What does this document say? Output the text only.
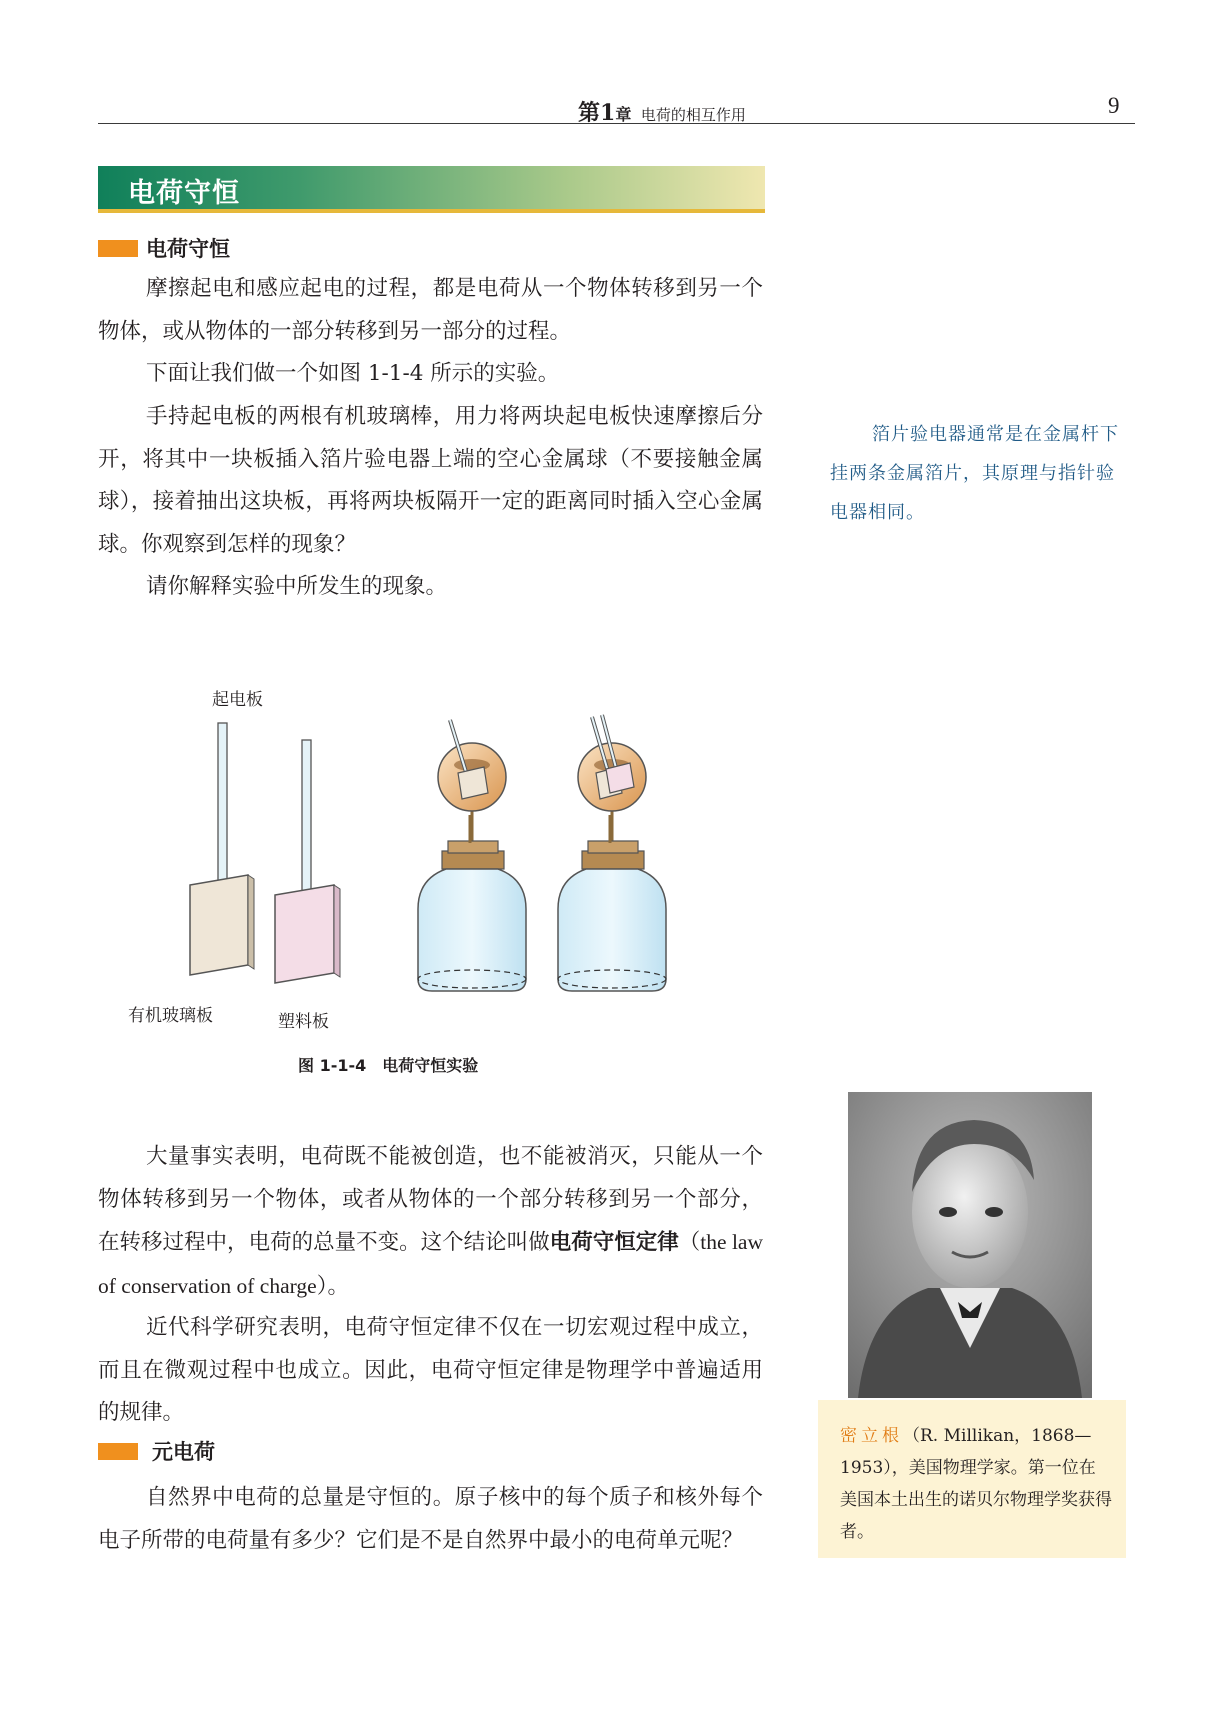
第1章 电荷的相互作用	9
电荷守恒
电荷守恒

摩擦起电和感应起电的过程，都是电荷从一个物体转移到另一个物体，或从物体的一部分转移到另一部分的过程。

下面让我们做一个如图 1-1-4 所示的实验。

手持起电板的两根有机玻璃棒，用力将两块起电板快速摩擦后分开，将其中一块板插入箔片验电器上端的空心金属球（不要接触金属球），接着抽出这块板，再将两块板隔开一定的距离同时插入空心金属球。你观察到怎样的现象？

请你解释实验中所发生的现象。

箔片验电器通常是在金属杆下挂两条金属箔片，其原理与指针验电器相同。

起电板
有机玻璃板	塑料板
图 1-1-4　电荷守恒实验

大量事实表明，电荷既不能被创造，也不能被消灭，只能从一个物体转移到另一个物体，或者从物体的一个部分转移到另一个部分，在转移过程中，电荷的总量不变。这个结论叫做电荷守恒定律（the law of conservation of charge）。

近代科学研究表明，电荷守恒定律不仅在一切宏观过程中成立，而且在微观过程中也成立。因此，电荷守恒定律是物理学中普遍适用的规律。

元电荷

自然界中电荷的总量是守恒的。原子核中的每个质子和核外每个电子所带的电荷量有多少？它们是不是自然界中最小的电荷单元呢？

密立根（R. Millikan，1868—1953），美国物理学家。第一位在美国本土出生的诺贝尔物理学奖获得者。
